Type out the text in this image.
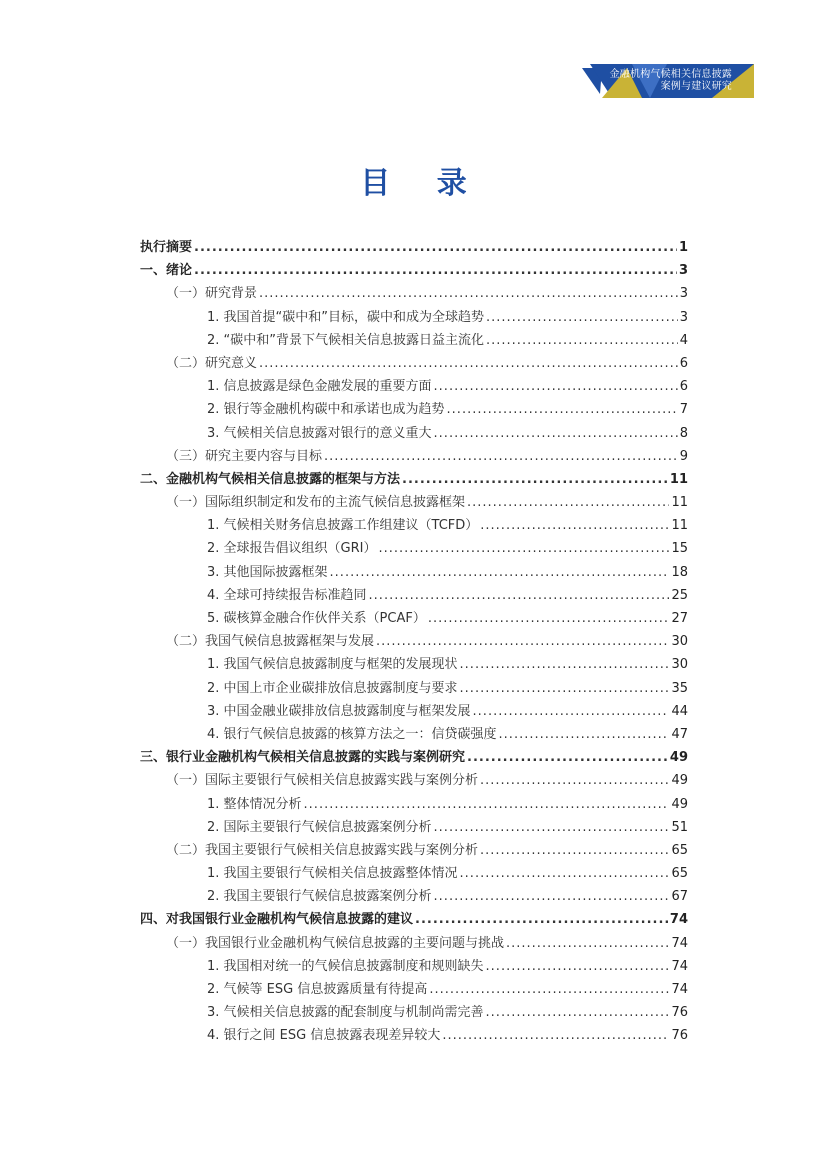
金融机构气候相关信息披露
案例与建议研究
目 录
执行摘要 .....	1
一、绪论 .....	3
（一）研究背景 .....	3
1. 我国首提“碳中和”目标，碳中和成为全球趋势 .....	3
2. “碳中和”背景下气候相关信息披露日益主流化 .....	4
（二）研究意义 .....	6
1. 信息披露是绿色金融发展的重要方面 .....	6
2. 银行等金融机构碳中和承诺也成为趋势 .....	7
3. 气候相关信息披露对银行的意义重大 .....	8
（三）研究主要内容与目标 .....	9
二、金融机构气候相关信息披露的框架与方法 .....	11
（一）国际组织制定和发布的主流气候信息披露框架 .....	11
1. 气候相关财务信息披露工作组建议（TCFD） .....	11
2. 全球报告倡议组织（GRI） .....	15
3. 其他国际披露框架 .....	18
4. 全球可持续报告标准趋同 .....	25
5. 碳核算金融合作伙伴关系（PCAF） .....	27
（二）我国气候信息披露框架与发展 .....	30
1. 我国气候信息披露制度与框架的发展现状 .....	30
2. 中国上市企业碳排放信息披露制度与要求 .....	35
3. 中国金融业碳排放信息披露制度与框架发展 .....	44
4. 银行气候信息披露的核算方法之一：信贷碳强度 .....	47
三、银行业金融机构气候相关信息披露的实践与案例研究 .....	49
（一）国际主要银行气候相关信息披露实践与案例分析 .....	49
1. 整体情况分析 .....	49
2. 国际主要银行气候信息披露案例分析 .....	51
（二）我国主要银行气候相关信息披露实践与案例分析 .....	65
1. 我国主要银行气候相关信息披露整体情况 .....	65
2. 我国主要银行气候信息披露案例分析 .....	67
四、对我国银行业金融机构气候信息披露的建议 .....	74
（一）我国银行业金融机构气候信息披露的主要问题与挑战 .....	74
1. 我国相对统一的气候信息披露制度和规则缺失 .....	74
2. 气候等 ESG 信息披露质量有待提高 .....	74
3. 气候相关信息披露的配套制度与机制尚需完善 .....	76
4. 银行之间 ESG 信息披露表现差异较大 .....	76
